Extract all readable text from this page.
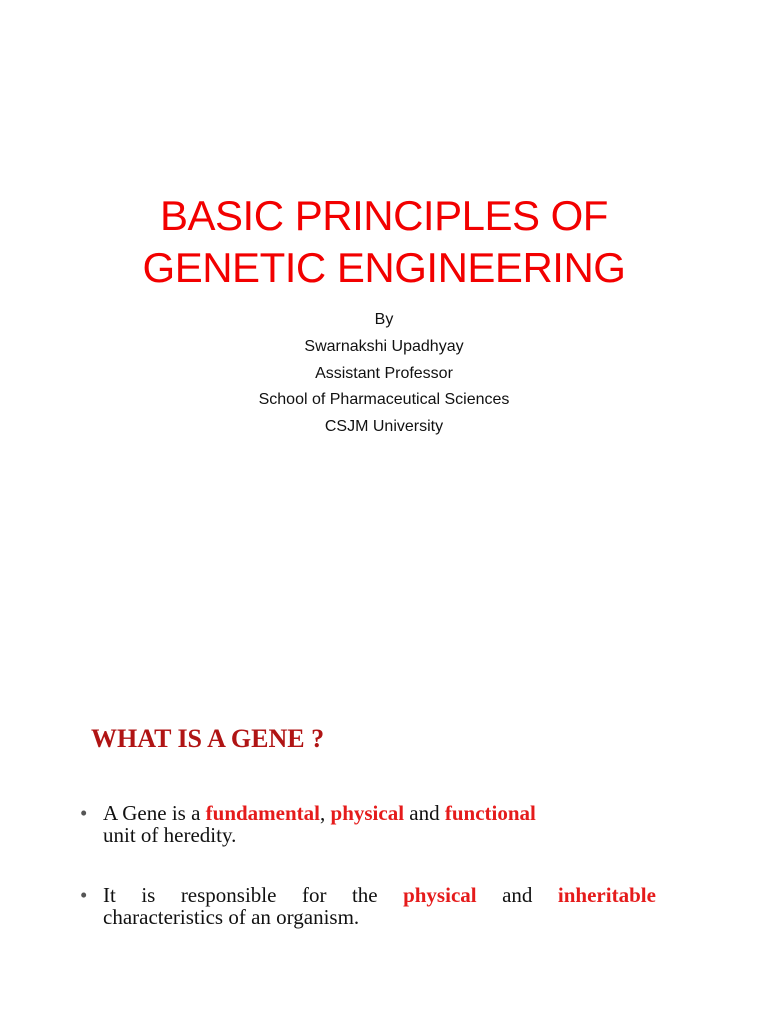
BASIC PRINCIPLES OF
GENETIC ENGINEERING
By
Swarnakshi Upadhyay
Assistant Professor
School of Pharmaceutical Sciences
CSJM University
WHAT IS A GENE ?
• A Gene is a fundamental, physical and functional
unit of heredity.
• It is responsible for the physical and inheritable
characteristics of an organism.
